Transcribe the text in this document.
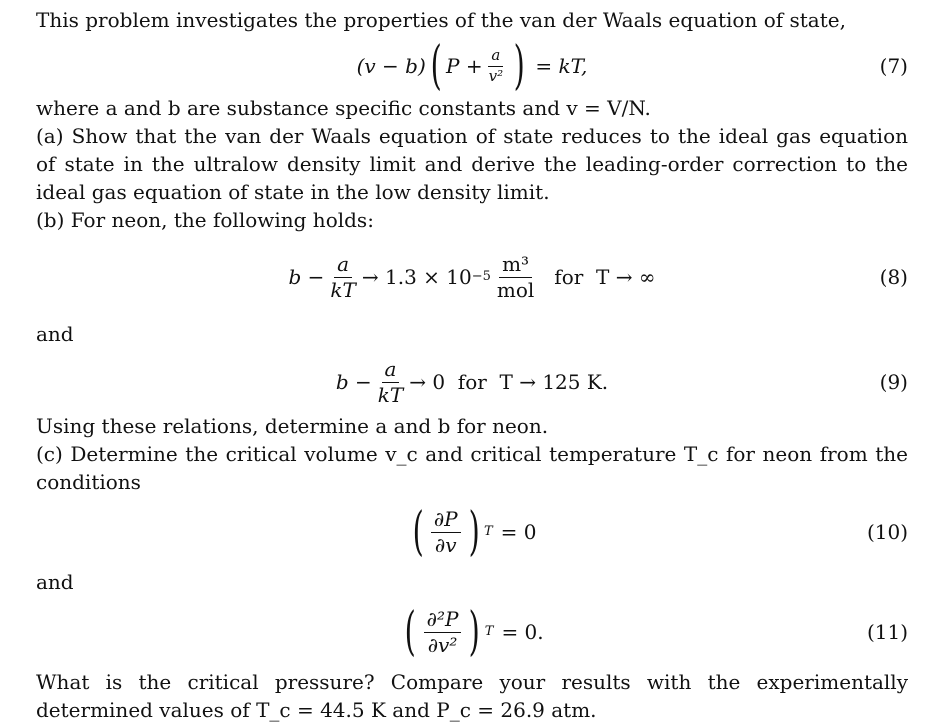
This problem investigates the properties of the van der Waals equation of state,

(v − b) ( $P + \frac{a}{\text{v²}}$ ) = kT,	(7)

where a and b are substance specific constants and v = V/N.

(a) Show that the van der Waals equation of state reduces to the ideal gas equation of state in the ultralow density limit and derive the leading-order correction to the ideal gas equation of state in the low density limit.

(b) For neon, the following holds:

$b - \frac{a}{kT} \to 1.3 \times 10 -5 \frac{\text{m³}}{\text{mol}}$ for  T → ∞	(8)

and

$b - \frac{a}{kT} \to 0$  for  T → 125 K.	(9)

Using these relations, determine a and b for neon.

(c) Determine the critical volume v_c and critical temperature T_c for neon from the conditions

( $\frac{\partial P}{\partial v}$ ) T = 0	(10)

and

( $\frac{\text{∂²P}}{\text{∂v²}}$ ) T = 0.	(11)

What is the critical pressure? Compare your results with the experimentally determined values of T_c = 44.5 K and P_c = 26.9 atm.
